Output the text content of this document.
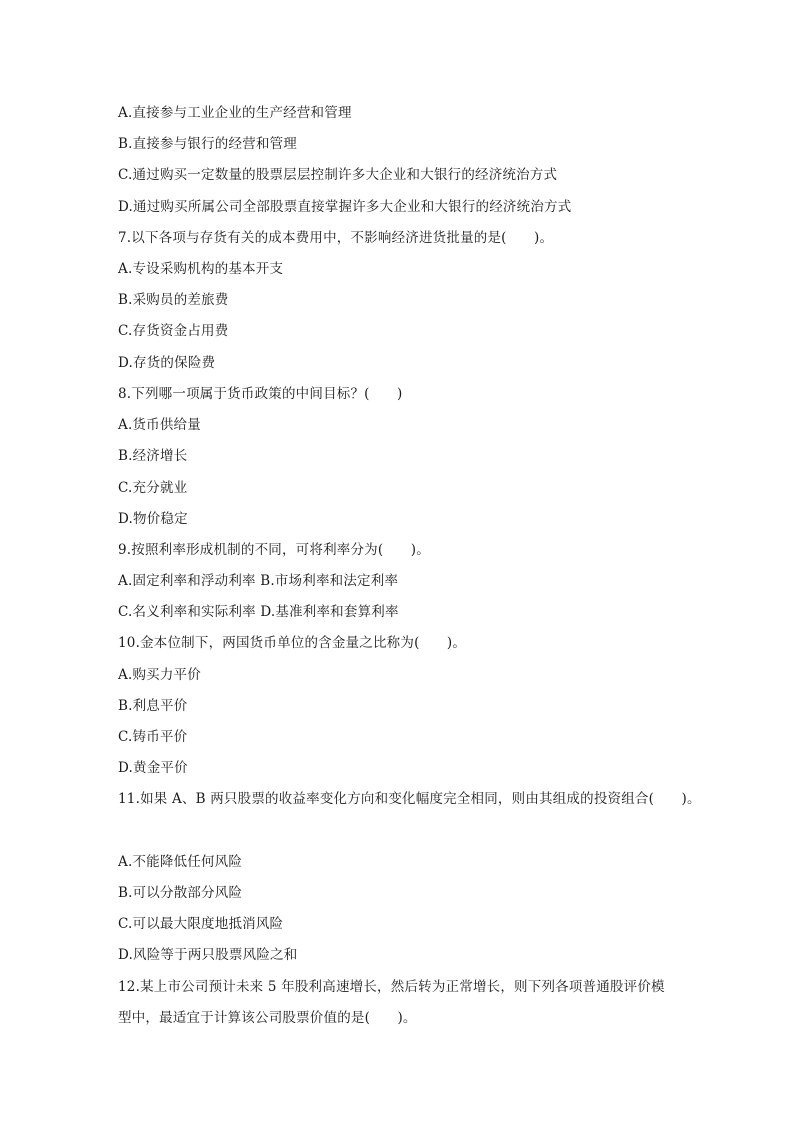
A.直接参与工业企业的生产经营和管理
B.直接参与银行的经营和管理
C.通过购买一定数量的股票层层控制许多大企业和大银行的经济统治方式
D.通过购买所属公司全部股票直接掌握许多大企业和大银行的经济统治方式
7.以下各项与存货有关的成本费用中，不影响经济进货批量的是(　　)。
A.专设采购机构的基本开支
B.采购员的差旅费
C.存货资金占用费
D.存货的保险费
8.下列哪一项属于货币政策的中间目标？(　　)
A.货币供给量
B.经济增长
C.充分就业
D.物价稳定
9.按照利率形成机制的不同，可将利率分为(　　)。
A.固定利率和浮动利率 B.市场利率和法定利率
C.名义利率和实际利率 D.基准利率和套算利率
10.金本位制下，两国货币单位的含金量之比称为(　　)。
A.购买力平价
B.利息平价
C.铸币平价
D.黄金平价
11.如果 A、B 两只股票的收益率变化方向和变化幅度完全相同，则由其组成的投资组合(　　)。
A.不能降低任何风险
B.可以分散部分风险
C.可以最大限度地抵消风险
D.风险等于两只股票风险之和
12.某上市公司预计未来 5 年股利高速增长，然后转为正常增长，则下列各项普通股评价模
型中，最适宜于计算该公司股票价值的是(　　)。
